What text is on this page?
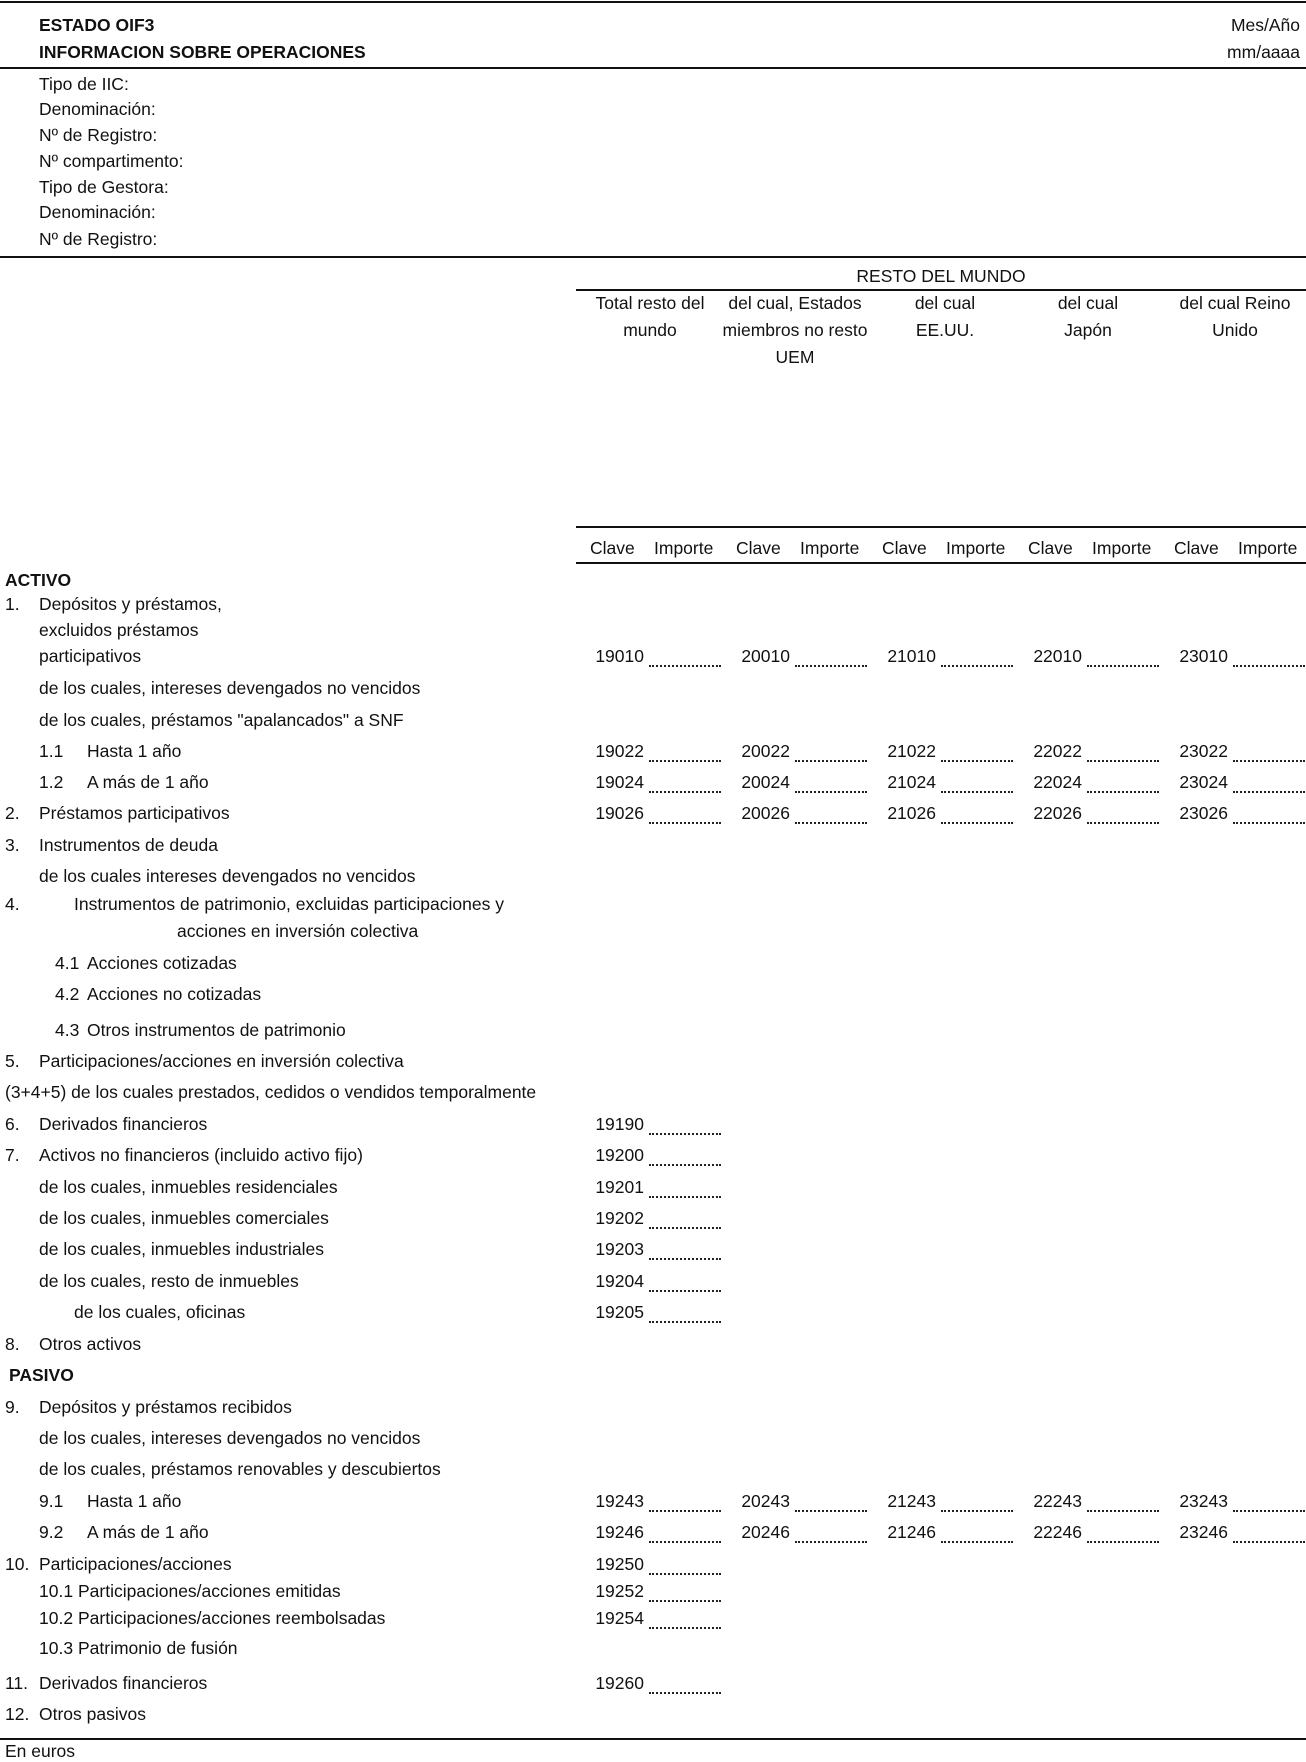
ESTADO OIF3
INFORMACION SOBRE OPERACIONES
Mes/Año
mm/aaaa
Tipo de IIC:
Denominación:
Nº de Registro:
Nº compartimento:
Tipo de Gestora:
Denominación:
Nº de Registro:
RESTO DEL MUNDO
Total resto del mundo
del cual, Estados miembros no resto UEM
del cual EE.UU.
del cual Japón
del cual Reino Unido
Clave Importe Clave Importe Clave Importe Clave Importe Clave Importe
ACTIVO
1. Depósitos y préstamos,
excluidos préstamos
participativos	19010	20010	21010	22010	23010
de los cuales, intereses devengados no vencidos
de los cuales, préstamos "apalancados" a SNF
1.1 Hasta 1 año	19022	20022	21022	22022	23022
1.2 A más de 1 año	19024	20024	21024	22024	23024
2. Préstamos participativos	19026	20026	21026	22026	23026
3. Instrumentos de deuda
de los cuales intereses devengados no vencidos
4.	Instrumentos de patrimonio, excluidas participaciones y
acciones en inversión colectiva
4.1 Acciones cotizadas
4.2 Acciones no cotizadas
4.3 Otros instrumentos de patrimonio
5. Participaciones/acciones en inversión colectiva
(3+4+5) de los cuales prestados, cedidos o vendidos temporalmente
6. Derivados financieros	19190
7. Activos no financieros (incluido activo fijo)	19200
de los cuales, inmuebles residenciales	19201
de los cuales, inmuebles comerciales	19202
de los cuales, inmuebles industriales	19203
de los cuales, resto de inmuebles	19204
de los cuales, oficinas	19205
8. Otros activos
PASIVO
9. Depósitos y préstamos recibidos
de los cuales, intereses devengados no vencidos
de los cuales, préstamos renovables y descubiertos
9.1 Hasta 1 año	19243	20243	21243	22243	23243
9.2 A más de 1 año	19246	20246	21246	22246	23246
10. Participaciones/acciones	19250
10.1 Participaciones/acciones emitidas	19252
10.2 Participaciones/acciones reembolsadas	19254
10.3 Patrimonio de fusión
11. Derivados financieros	19260
12. Otros pasivos
En euros
